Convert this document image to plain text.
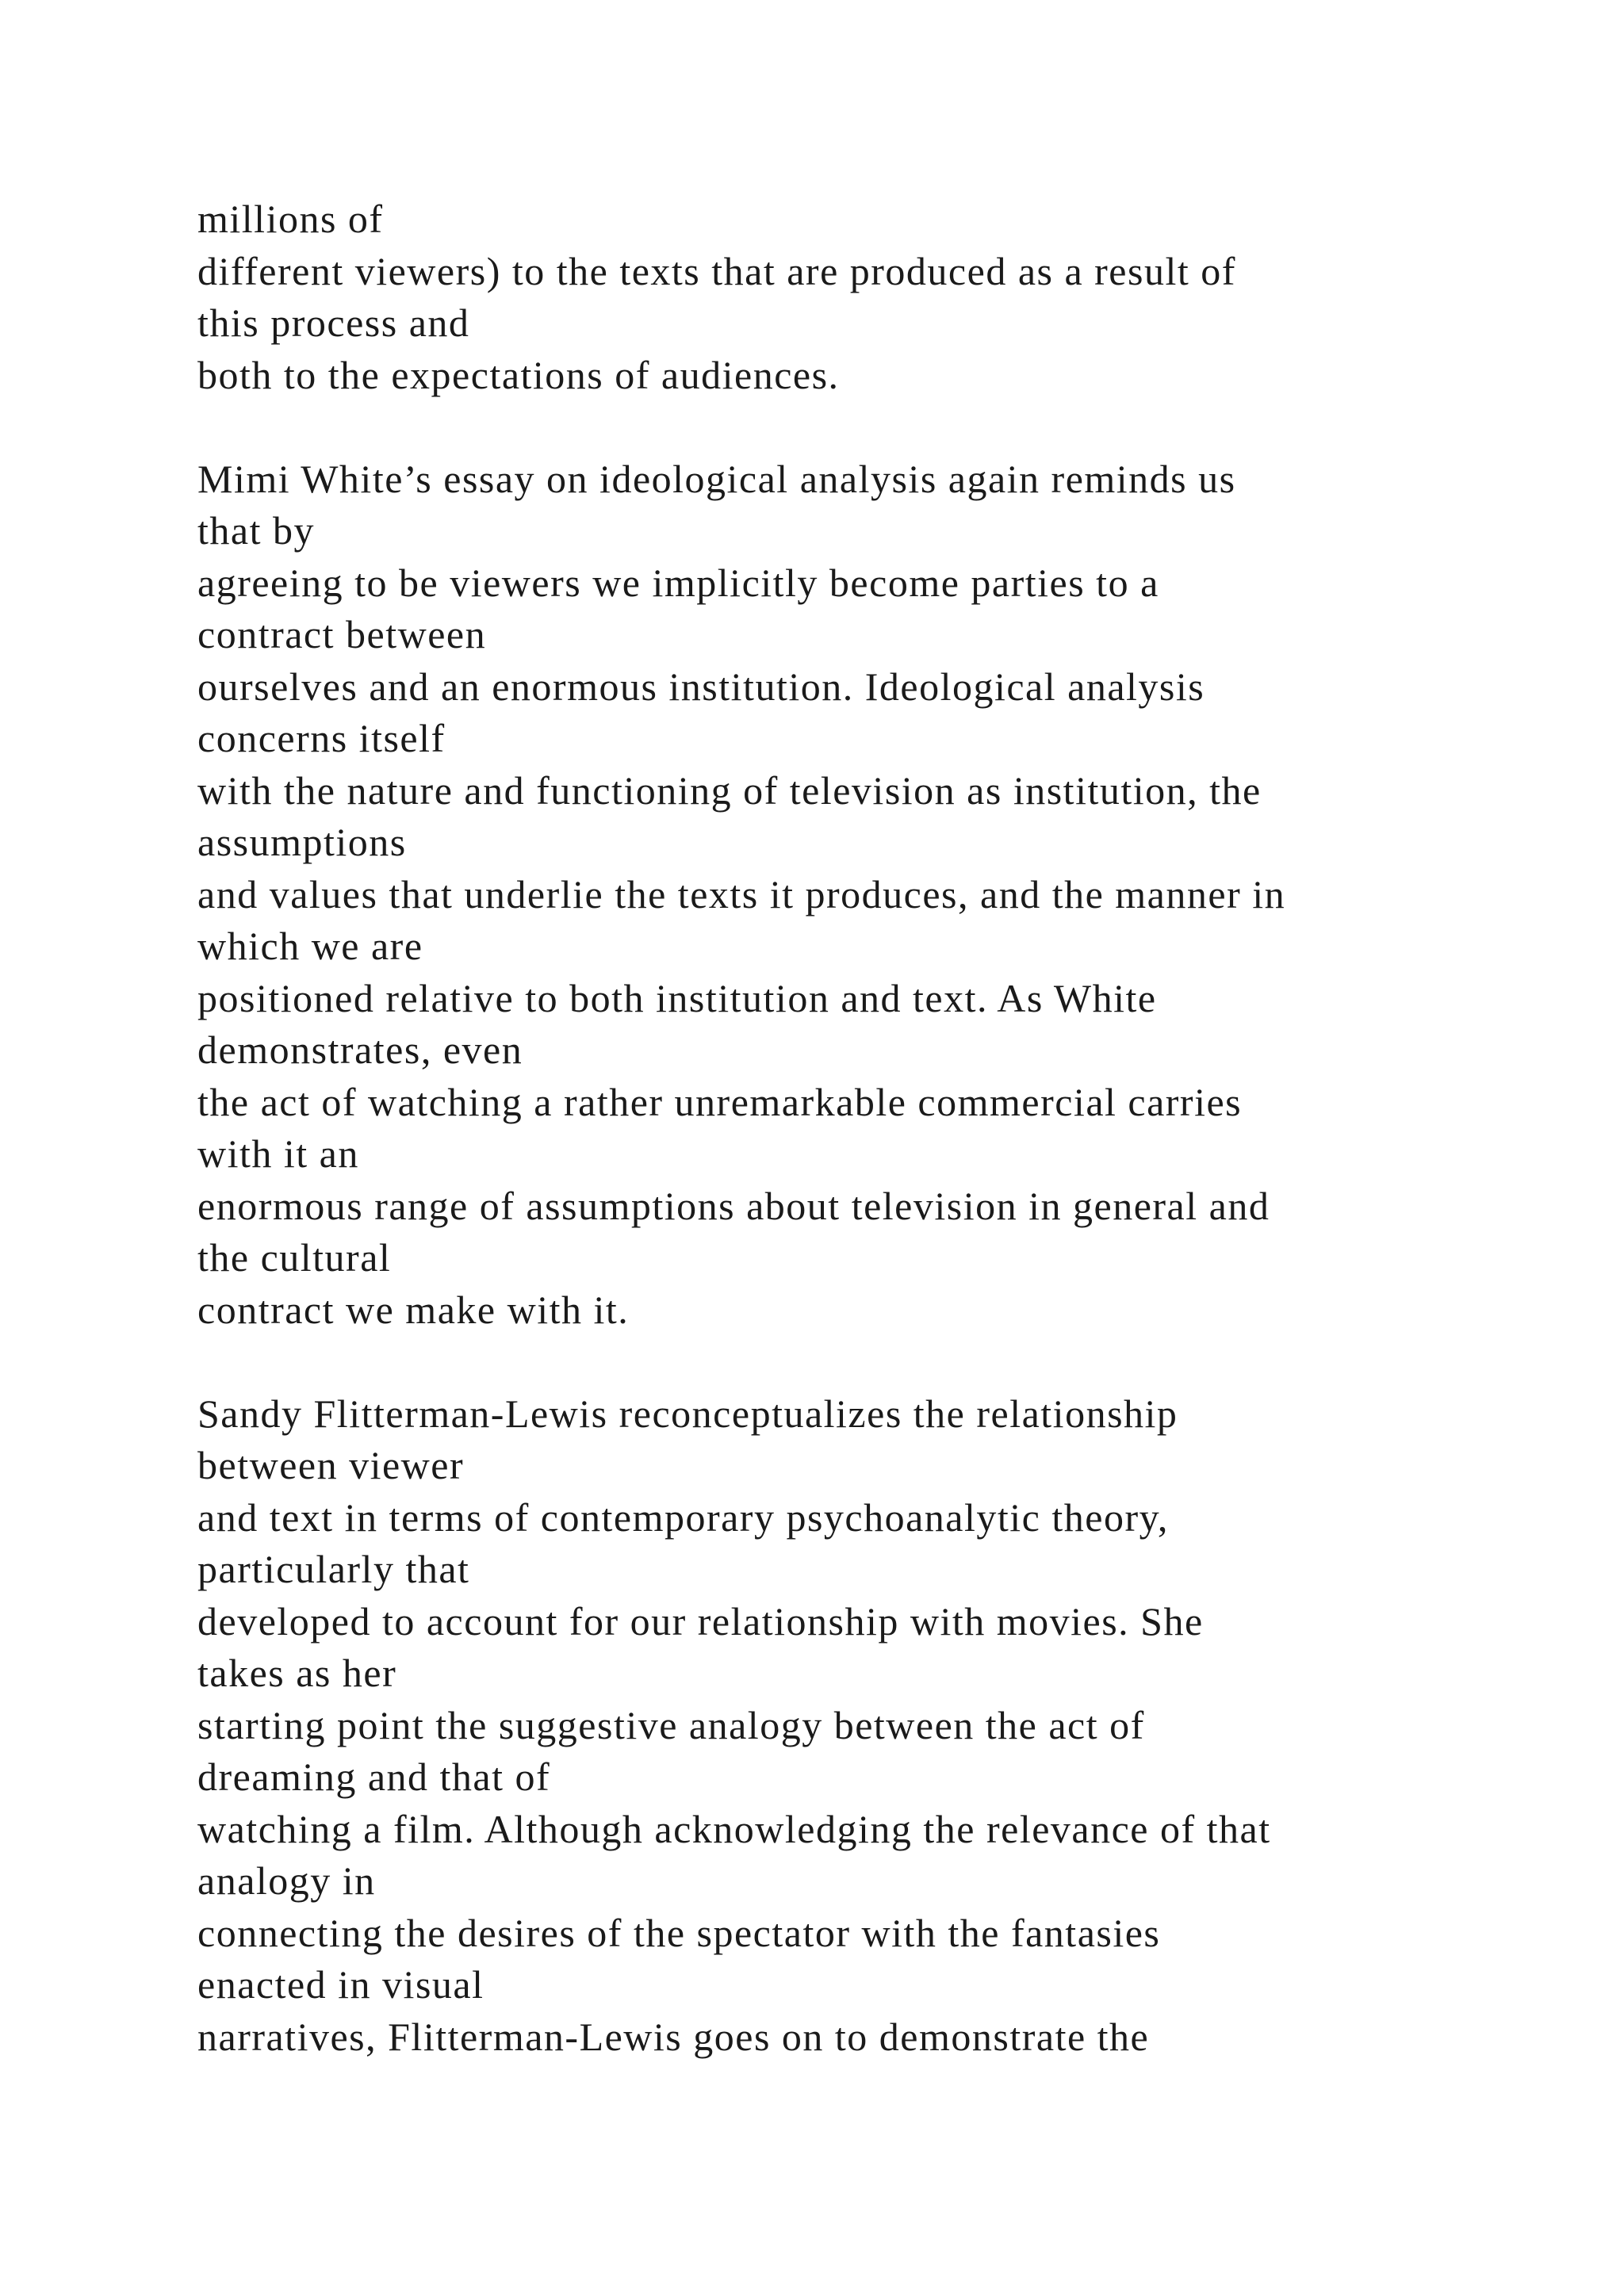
millions of
different viewers) to the texts that are produced as a result of
this process and
both to the expectations of audiences.

Mimi White’s essay on ideological analysis again reminds us
that by
agreeing to be viewers we implicitly become parties to a
contract between
ourselves and an enormous institution. Ideological analysis
concerns itself
with the nature and functioning of television as institution, the
assumptions
and values that underlie the texts it produces, and the manner in
which we are
positioned relative to both institution and text. As White
demonstrates, even
the act of watching a rather unremarkable commercial carries
with it an
enormous range of assumptions about television in general and
the cultural
contract we make with it.

Sandy Flitterman-Lewis reconceptualizes the relationship
between viewer
and text in terms of contemporary psychoanalytic theory,
particularly that
developed to account for our relationship with movies. She
takes as her
starting point the suggestive analogy between the act of
dreaming and that of
watching a film. Although acknowledging the relevance of that
analogy in
connecting the desires of the spectator with the fantasies
enacted in visual
narratives, Flitterman-Lewis goes on to demonstrate the
